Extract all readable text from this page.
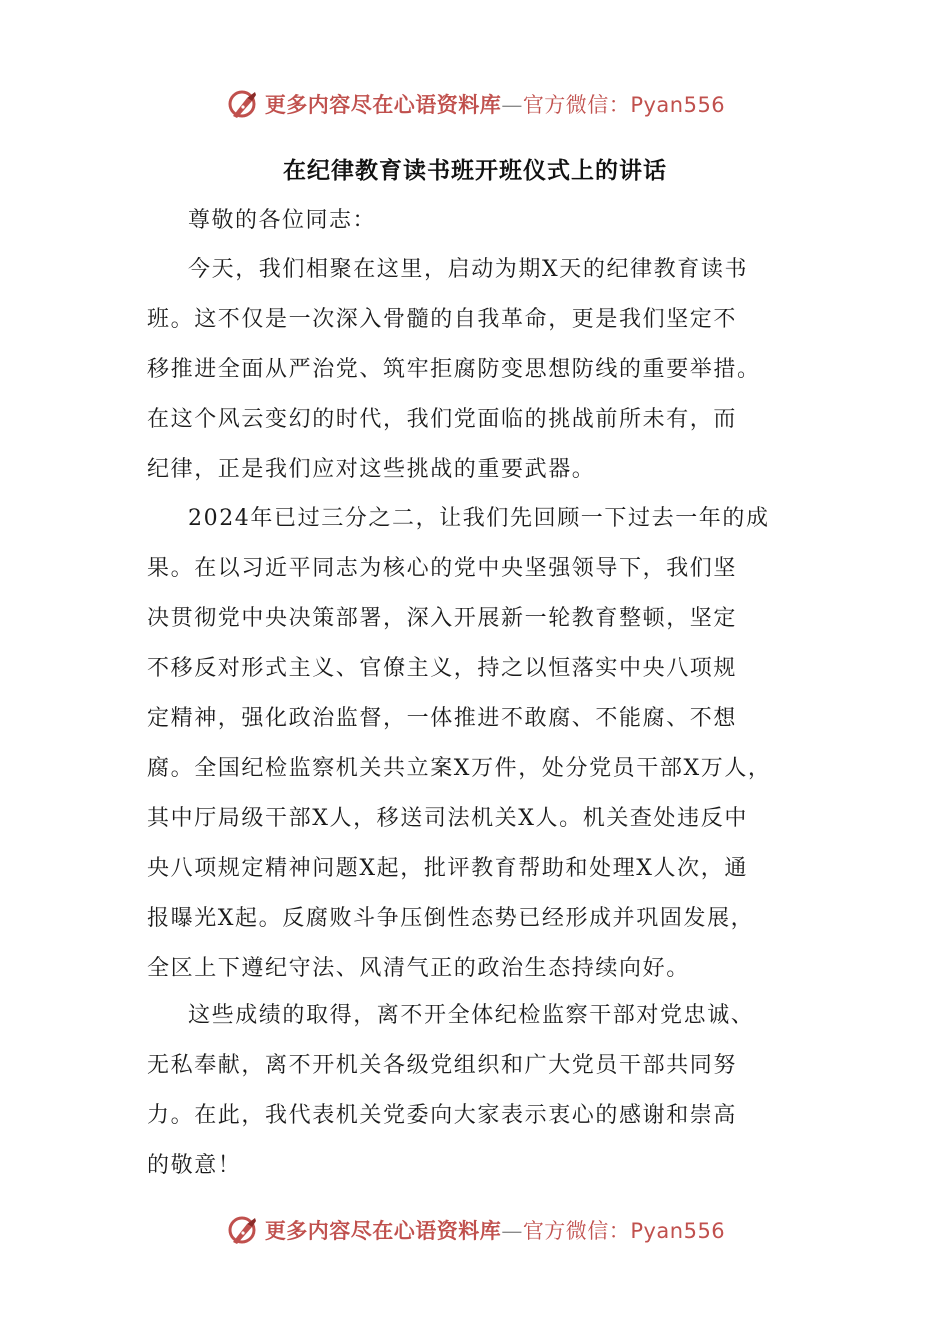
更多内容尽在心语资料库—官方微信：Pyan556
在纪律教育读书班开班仪式上的讲话
尊敬的各位同志：
今天，我们相聚在这里，启动为期X天的纪律教育读书
班。这不仅是一次深入骨髓的自我革命，更是我们坚定不
移推进全面从严治党、筑牢拒腐防变思想防线的重要举措。
在这个风云变幻的时代，我们党面临的挑战前所未有，而
纪律，正是我们应对这些挑战的重要武器。
2024年已过三分之二，让我们先回顾一下过去一年的成
果。在以习近平同志为核心的党中央坚强领导下，我们坚
决贯彻党中央决策部署，深入开展新一轮教育整顿，坚定
不移反对形式主义、官僚主义，持之以恒落实中央八项规
定精神，强化政治监督，一体推进不敢腐、不能腐、不想
腐。全国纪检监察机关共立案X万件，处分党员干部X万人，
其中厅局级干部X人，移送司法机关X人。机关查处违反中
央八项规定精神问题X起，批评教育帮助和处理X人次，通
报曝光X起。反腐败斗争压倒性态势已经形成并巩固发展，
全区上下遵纪守法、风清气正的政治生态持续向好。
这些成绩的取得，离不开全体纪检监察干部对党忠诚、
无私奉献，离不开机关各级党组织和广大党员干部共同努
力。在此，我代表机关党委向大家表示衷心的感谢和崇高
的敬意！
更多内容尽在心语资料库—官方微信：Pyan556
